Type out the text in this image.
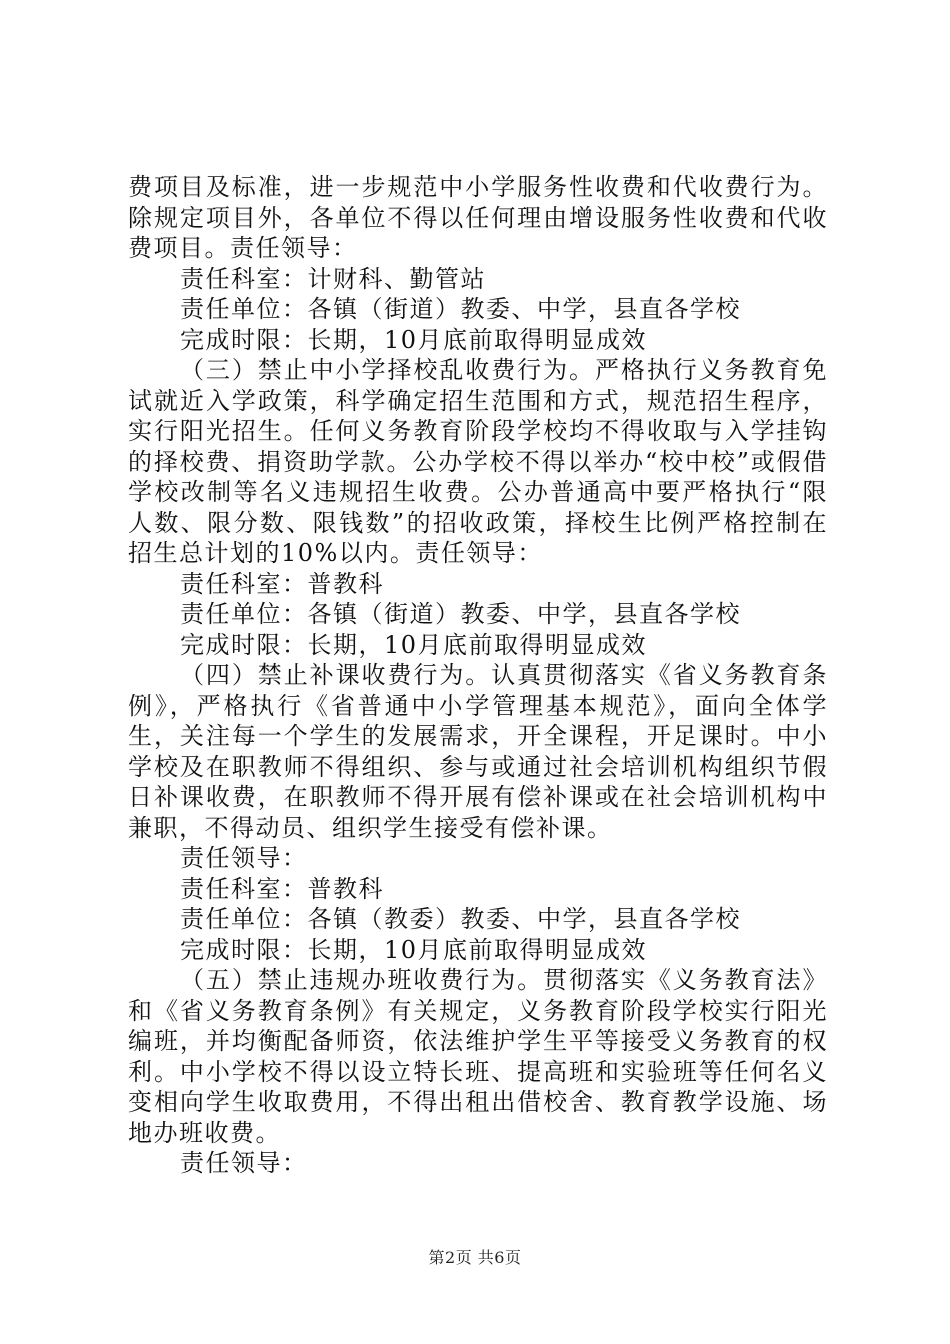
费项目及标准，进一步规范中小学服务性收费和代收费行为。除规定项目外，各单位不得以任何理由增设服务性收费和代收费项目。责任领导：

责任科室：计财科、勤管站

责任单位：各镇（街道）教委、中学，县直各学校

完成时限：长期，10月底前取得明显成效

（三）禁止中小学择校乱收费行为。严格执行义务教育免试就近入学政策，科学确定招生范围和方式，规范招生程序，实行阳光招生。任何义务教育阶段学校均不得收取与入学挂钩的择校费、捐资助学款。公办学校不得以举办“校中校”或假借学校改制等名义违规招生收费。公办普通高中要严格执行“限人数、限分数、限钱数”的招收政策，择校生比例严格控制在招生总计划的10%以内。责任领导：

责任科室：普教科

责任单位：各镇（街道）教委、中学，县直各学校

完成时限：长期，10月底前取得明显成效

（四）禁止补课收费行为。认真贯彻落实《省义务教育条例》，严格执行《省普通中小学管理基本规范》，面向全体学生，关注每一个学生的发展需求，开全课程，开足课时。中小学校及在职教师不得组织、参与或通过社会培训机构组织节假日补课收费，在职教师不得开展有偿补课或在社会培训机构中兼职，不得动员、组织学生接受有偿补课。

责任领导：

责任科室：普教科

责任单位：各镇（教委）教委、中学，县直各学校

完成时限：长期，10月底前取得明显成效

（五）禁止违规办班收费行为。贯彻落实《义务教育法》和《省义务教育条例》有关规定，义务教育阶段学校实行阳光编班，并均衡配备师资，依法维护学生平等接受义务教育的权利。中小学校不得以设立特长班、提高班和实验班等任何名义变相向学生收取费用，不得出租出借校舍、教育教学设施、场地办班收费。

责任领导：

第2页 共6页
